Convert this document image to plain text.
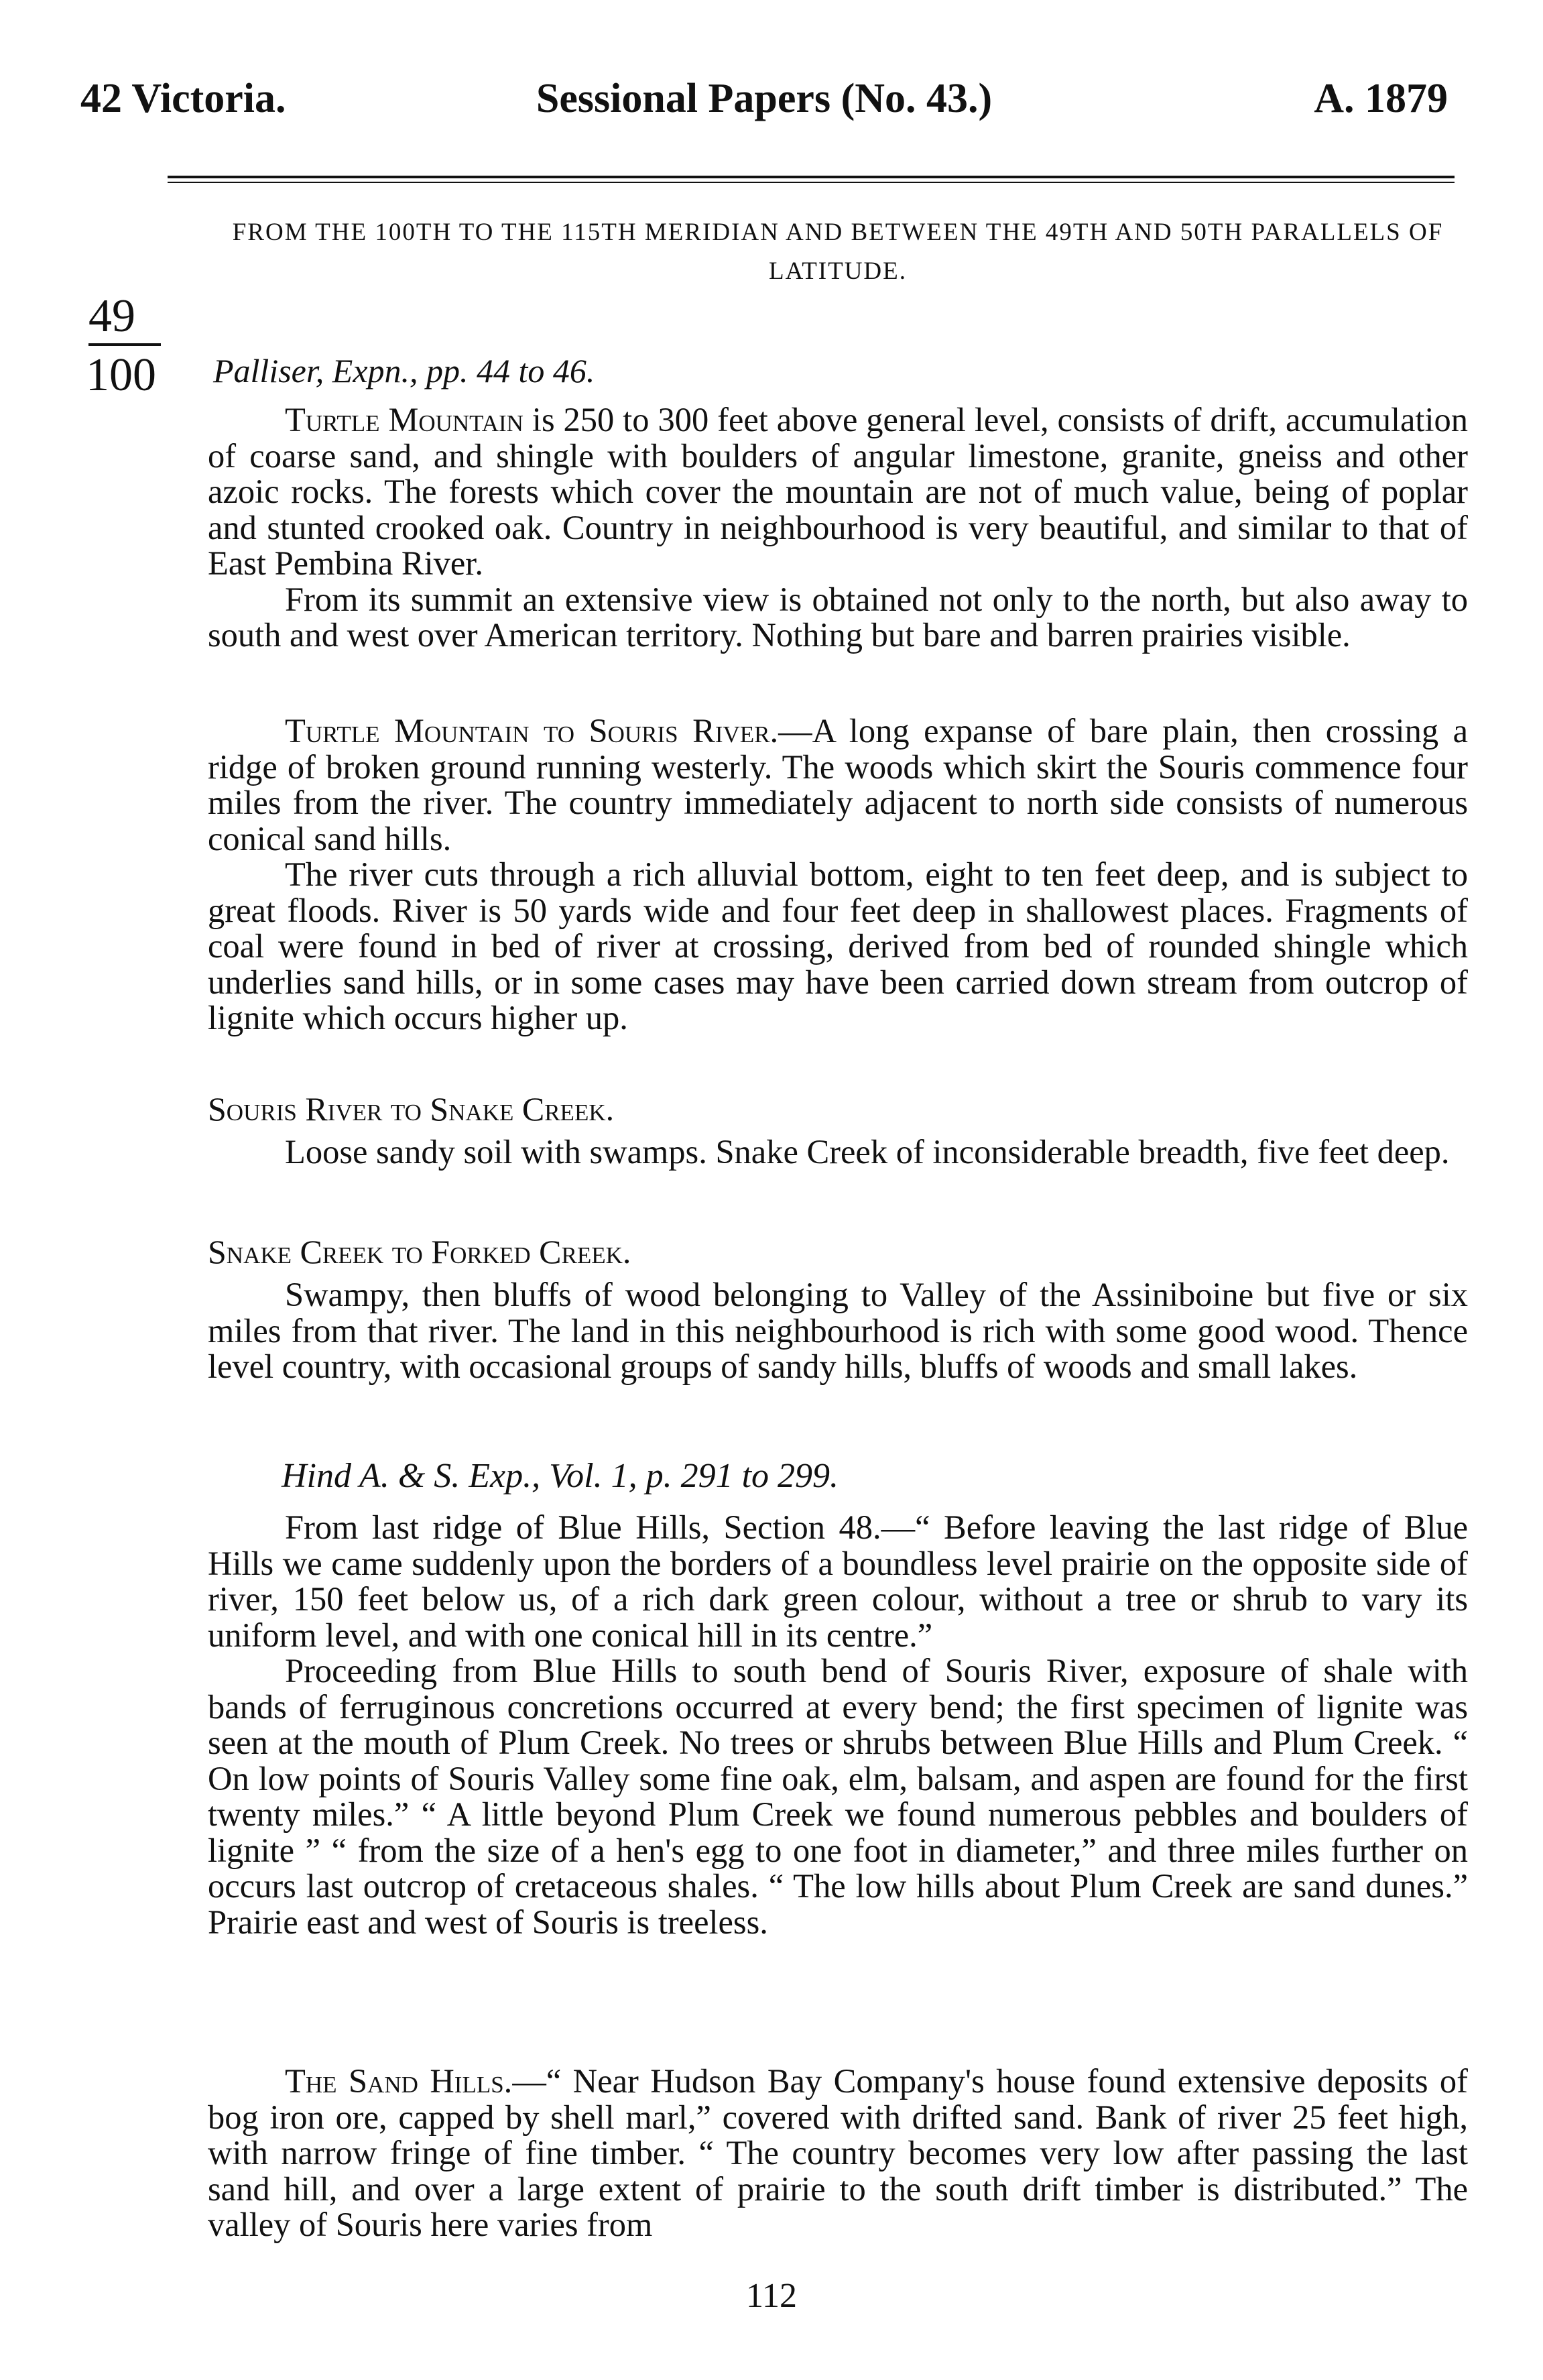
42 Victoria.	Sessional Papers (No. 43.)	A. 1879
FROM THE 100TH TO THE 115TH MERIDIAN AND BETWEEN THE 49TH AND 50TH PARALLELS OF LATITUDE.
49
100 Palliser, Expn., pp. 44 to 46.

Turtle Mountain is 250 to 300 feet above general level, consists of drift, accumulation of coarse sand, and shingle with boulders of angular limestone, granite, gneiss and other azoic rocks. The forests which cover the mountain are not of much value, being of poplar and stunted crooked oak. Country in neighbourhood is very beautiful, and similar to that of East Pembina River.

From its summit an extensive view is obtained not only to the north, but also away to south and west over American territory. Nothing but bare and barren prairies visible.

Turtle Mountain to Souris River.—A long expanse of bare plain, then crossing a ridge of broken ground running westerly. The woods which skirt the Souris commence four miles from the river. The country immediately adjacent to north side consists of numerous conical sand hills.

The river cuts through a rich alluvial bottom, eight to ten feet deep, and is subject to great floods. River is 50 yards wide and four feet deep in shallowest places. Fragments of coal were found in bed of river at crossing, derived from bed of rounded shingle which underlies sand hills, or in some cases may have been carried down stream from outcrop of lignite which occurs higher up.

Souris River to Snake Creek.

Loose sandy soil with swamps. Snake Creek of inconsiderable breadth, five feet deep.

Snake Creek to Forked Creek.

Swampy, then bluffs of wood belonging to Valley of the Assiniboine but five or six miles from that river. The land in this neighbourhood is rich with some good wood. Thence level country, with occasional groups of sandy hills, bluffs of woods and small lakes.

Hind A. & S. Exp., Vol. 1, p. 291 to 299.

From last ridge of Blue Hills, Section 48.—“ Before leaving the last ridge of Blue Hills we came suddenly upon the borders of a boundless level prairie on the opposite side of river, 150 feet below us, of a rich dark green colour, without a tree or shrub to vary its uniform level, and with one conical hill in its centre.”

Proceeding from Blue Hills to south bend of Souris River, exposure of shale with bands of ferruginous concretions occurred at every bend; the first specimen of lignite was seen at the mouth of Plum Creek. No trees or shrubs between Blue Hills and Plum Creek. “ On low points of Souris Valley some fine oak, elm, balsam, and aspen are found for the first twenty miles.” “ A little beyond Plum Creek we found numerous pebbles and boulders of lignite ” “ from the size of a hen's egg to one foot in diameter,” and three miles further on occurs last outcrop of cretaceous shales. “ The low hills about Plum Creek are sand dunes.” Prairie east and west of Souris is treeless.

The Sand Hills.—“ Near Hudson Bay Company's house found extensive deposits of bog iron ore, capped by shell marl,” covered with drifted sand. Bank of river 25 feet high, with narrow fringe of fine timber. “ The country becomes very low after passing the last sand hill, and over a large extent of prairie to the south drift timber is distributed.” The valley of Souris here varies from

112
